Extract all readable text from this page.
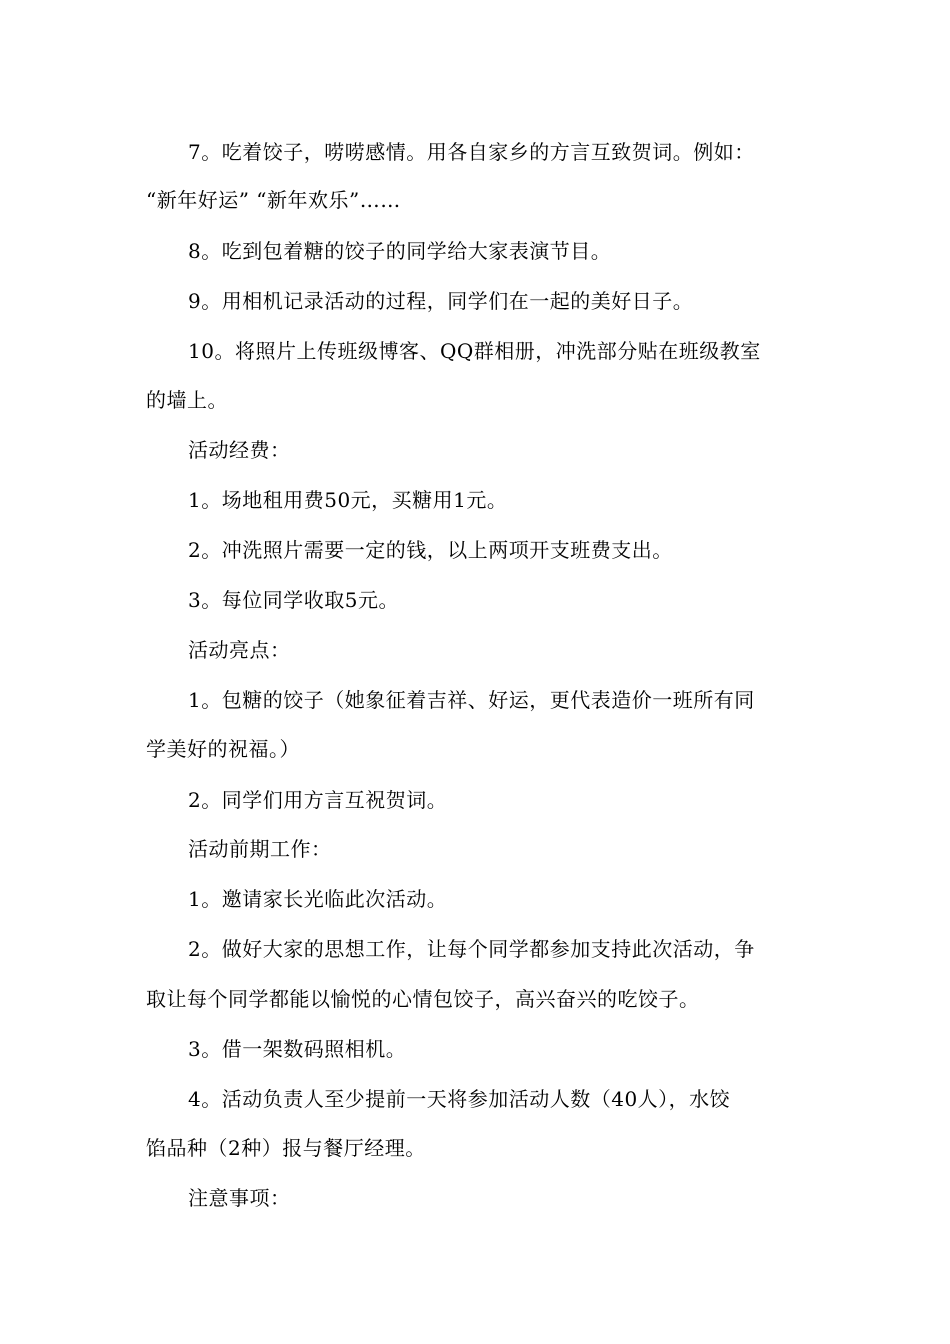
7。吃着饺子，唠唠感情。用各自家乡的方言互致贺词。例如：
“新年好运” “新年欢乐”……
8。吃到包着糖的饺子的同学给大家表演节目。
9。用相机记录活动的过程，同学们在一起的美好日子。
10。将照片上传班级博客、QQ群相册，冲洗部分贴在班级教室
的墙上。
活动经费：
1。场地租用费50元，买糖用1元。
2。冲洗照片需要一定的钱，以上两项开支班费支出。
3。每位同学收取5元。
活动亮点：
1。包糖的饺子（她象征着吉祥、好运，更代表造价一班所有同
学美好的祝福。）
2。同学们用方言互祝贺词。
活动前期工作：
1。邀请家长光临此次活动。
2。做好大家的思想工作，让每个同学都参加支持此次活动，争
取让每个同学都能以愉悦的心情包饺子，高兴奋兴的吃饺子。
3。借一架数码照相机。
4。活动负责人至少提前一天将参加活动人数（40人），水饺
馅品种（2种）报与餐厅经理。
注意事项：
